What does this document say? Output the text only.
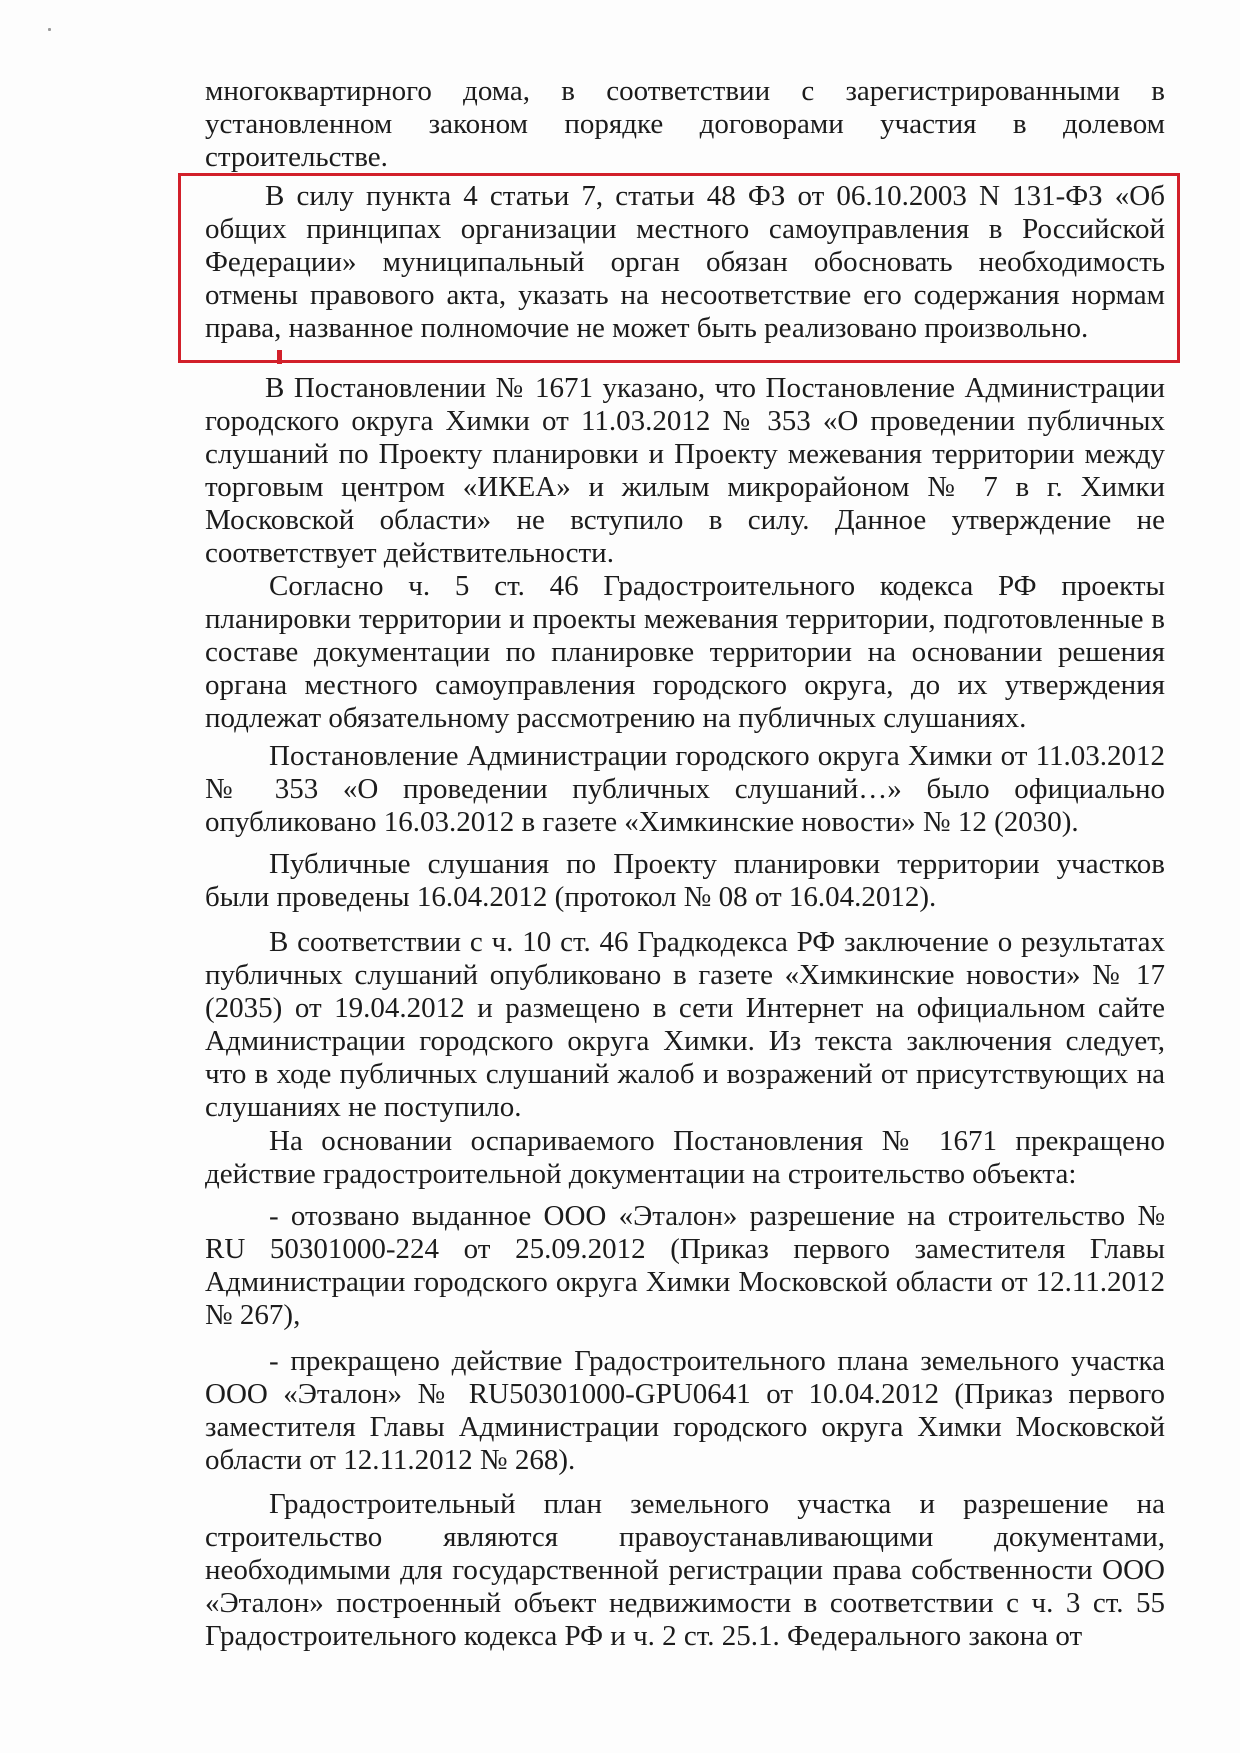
многоквартирного дома, в соответствии с зарегистрированными в установленном законом порядке договорами участия в долевом строительстве.

В силу пункта 4 статьи 7, статьи 48 ФЗ от 06.10.2003 N 131-ФЗ «Об общих принципах организации местного самоуправления в Российской Федерации» муниципальный орган обязан обосновать необходимость отмены правового акта, указать на несоответствие его содержания нормам права, названное полномочие не может быть реализовано произвольно.

В Постановлении № 1671 указано, что Постановление Администрации городского округа Химки от 11.03.2012 № 353 «О проведении публичных слушаний по Проекту планировки и Проекту межевания территории между торговым центром «ИКЕА» и жилым микрорайоном № 7 в г. Химки Московской области» не вступило в силу. Данное утверждение не соответствует действительности.

Согласно ч. 5 ст. 46 Градостроительного кодекса РФ проекты планировки территории и проекты межевания территории, подготовленные в составе документации по планировке территории на основании решения органа местного самоуправления городского округа, до их утверждения подлежат обязательному рассмотрению на публичных слушаниях.

Постановление Администрации городского округа Химки от 11.03.2012 № 353 «О проведении публичных слушаний…» было официально опубликовано 16.03.2012 в газете «Химкинские новости» № 12 (2030).

Публичные слушания по Проекту планировки территории участков были проведены 16.04.2012 (протокол № 08 от 16.04.2012).

В соответствии с ч. 10 ст. 46 Градкодекса РФ заключение о результатах публичных слушаний опубликовано в газете «Химкинские новости» № 17 (2035) от 19.04.2012 и размещено в сети Интернет на официальном сайте Администрации городского округа Химки. Из текста заключения следует, что в ходе публичных слушаний жалоб и возражений от присутствующих на слушаниях не поступило.

На основании оспариваемого Постановления № 1671 прекращено действие градостроительной документации на строительство объекта:

- отозвано выданное ООО «Эталон» разрешение на строительство № RU 50301000-224 от 25.09.2012 (Приказ первого заместителя Главы Администрации городского округа Химки Московской области от 12.11.2012 № 267),

- прекращено действие Градостроительного плана земельного участка ООО «Эталон» № RU50301000-GPU0641 от 10.04.2012 (Приказ первого заместителя Главы Администрации городского округа Химки Московской области от 12.11.2012 № 268).

Градостроительный план земельного участка и разрешение на строительство являются правоустанавливающими документами, необходимыми для государственной регистрации права собственности ООО «Эталон» построенный объект недвижимости в соответствии с ч. 3 ст. 55 Градостроительного кодекса РФ и ч. 2 ст. 25.1. Федерального закона от
